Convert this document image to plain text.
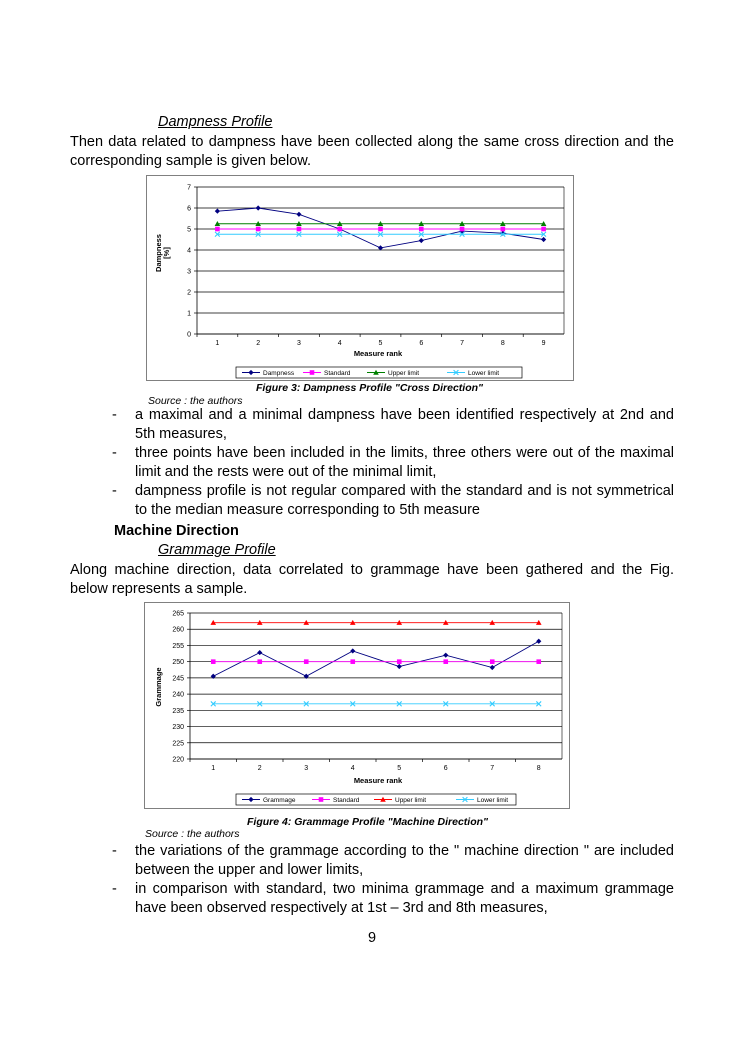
Dampness Profile
Then data related to dampness have been collected along the same cross direction and the corresponding sample is given below.
0
1
2
3
4
5
6
7
1	2	3	4	5	6	7	8	9
Dampness [%]
Measure rank
Dampness	Standard	Upper limit	Lower limit
Figure 3: Dampness Profile "Cross Direction"
Source : the authors
-	a maximal and a minimal dampness have been identified respectively at 2nd and 5th measures,
-	three points have been included in the limits, three others were out of the maximal limit and the rests were out of the minimal limit,
-	dampness profile is not regular compared with the standard and is not symmetrical to the median measure corresponding to 5th measure
Machine Direction
Grammage Profile
Along machine direction, data correlated to grammage have been gathered and the Fig. below represents a sample.
220
225
230
235
240
245
250
255
260
265
1	2	3	4	5	6	7	8
Grammage
Measure rank
Grammage	Standard	Upper limit	Lower limit
Figure 4: Grammage Profile "Machine Direction"
Source : the authors
-	the variations of the grammage according to the " machine direction " are included between the upper and lower limits,
-	in comparison with standard, two minima grammage and a maximum grammage have been observed respectively at 1st – 3rd and 8th measures,
9
